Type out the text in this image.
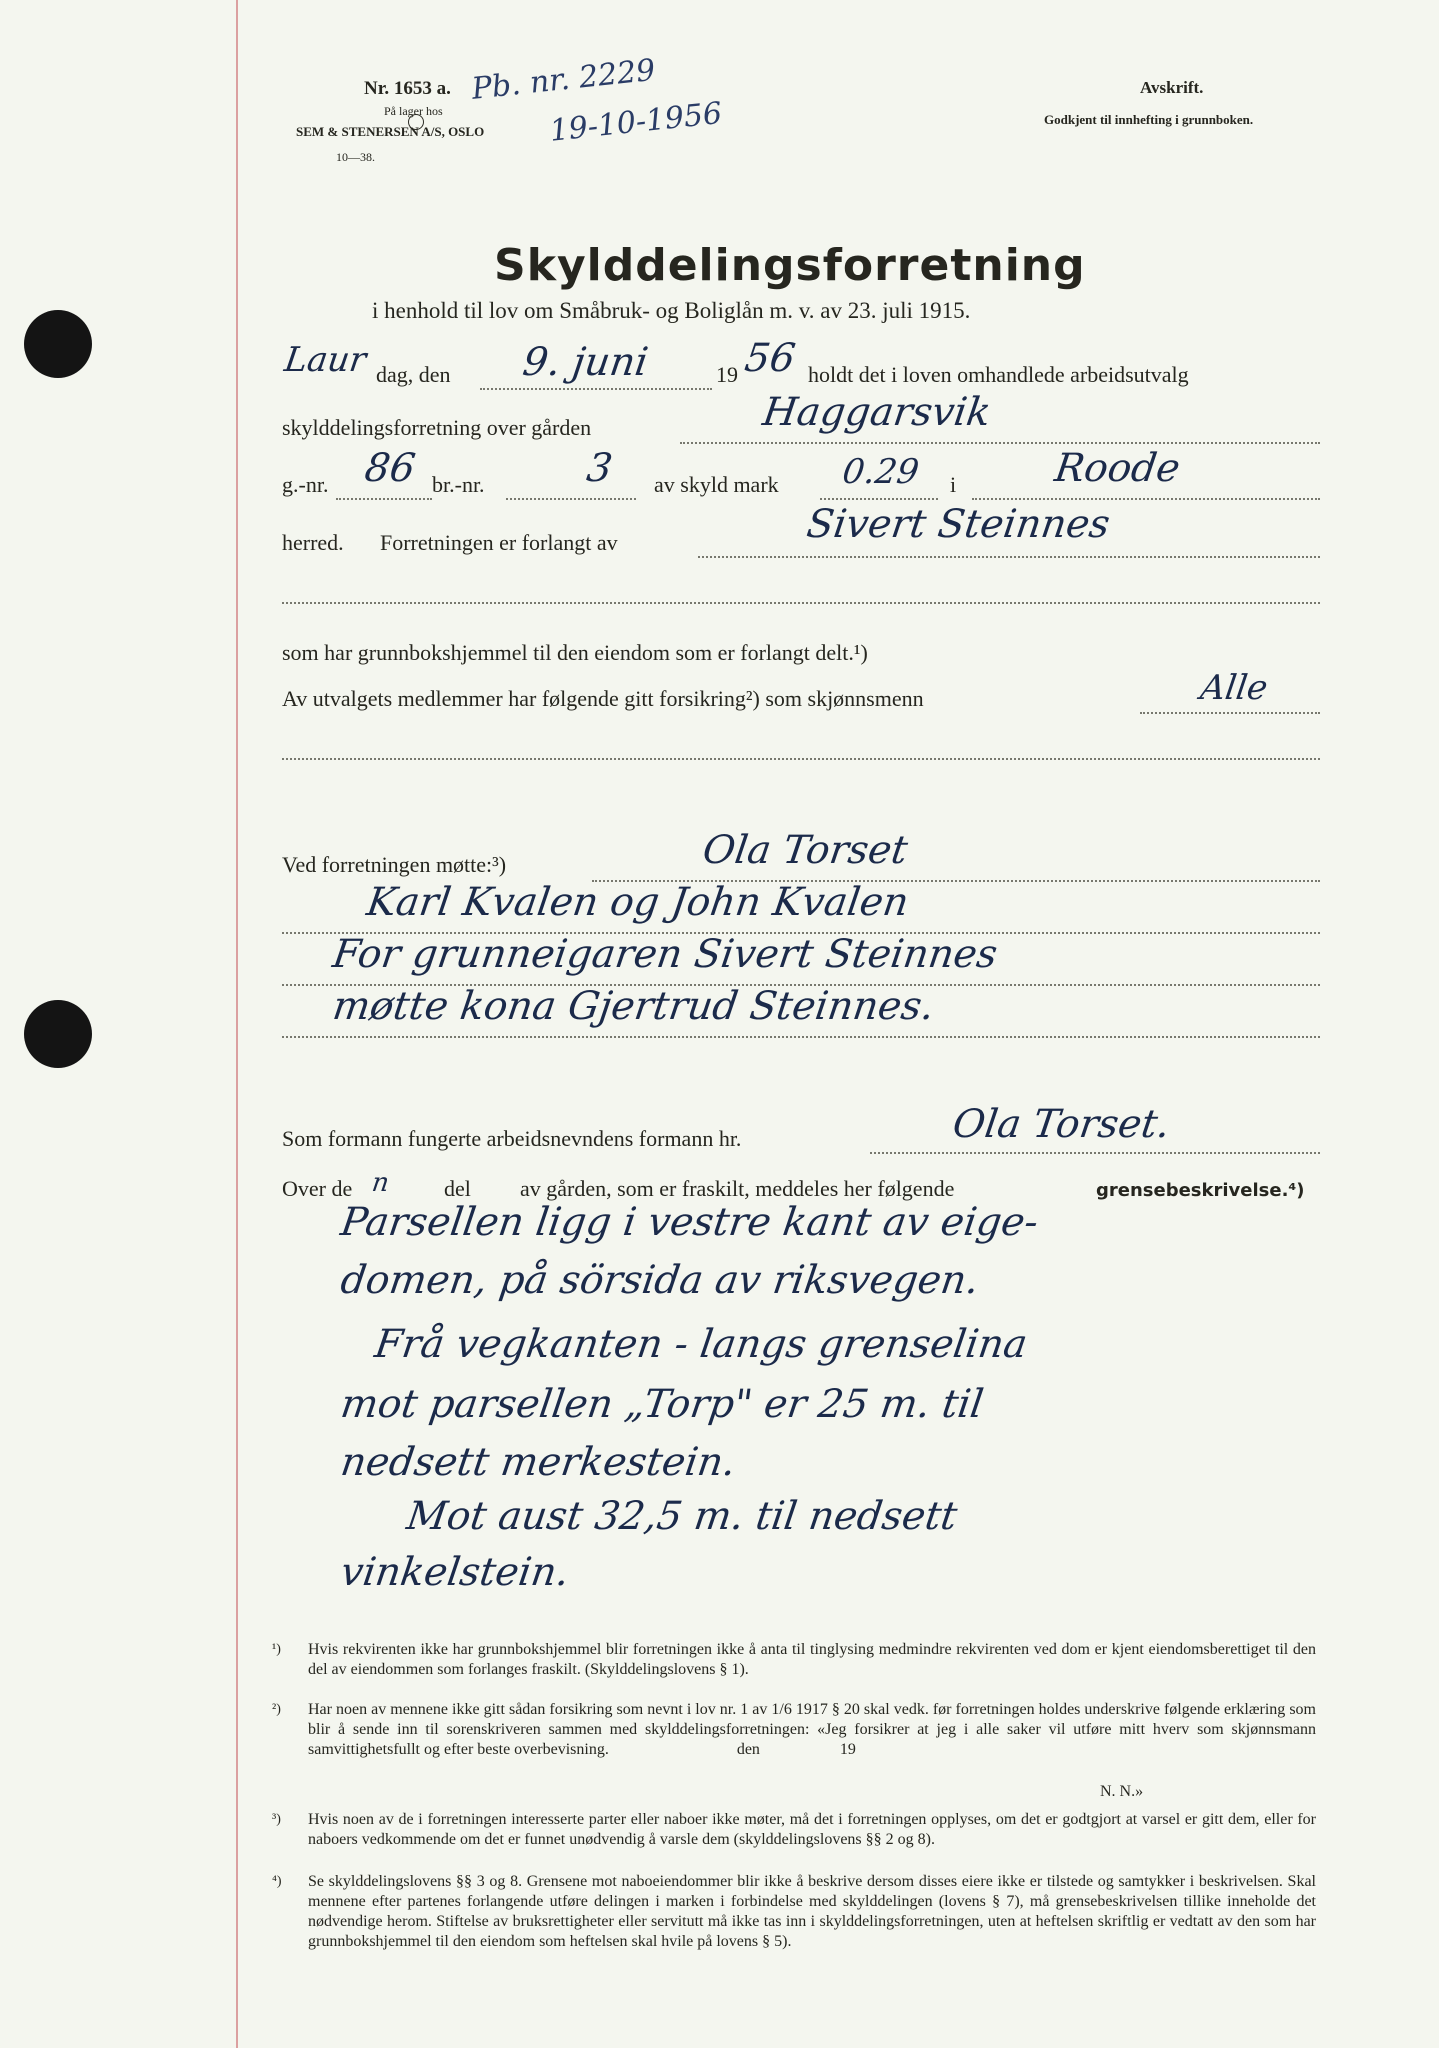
Nr. 1653 a.
På lager hos
SEM & STENERSEN A/S, OSLO
10—38.
Pb. nr. 2229
19-10-1956
Avskrift.
Godkjent til innhefting i grunnboken.
Skylddelingsforretning
i henhold til lov om Småbruk- og Boliglån m. v. av 23. juli 1915.
Laur dag, den 9. juni	19 56 holdt det i loven omhandlede arbeidsutvalg
skylddelingsforretning over gården	Haggarsvik
g.-nr. 86 br.-nr.	3 av skyld mark 0.29 i Roode
herred. Forretningen er forlangt av	Sivert Steinnes
som har grunnbokshjemmel til den eiendom som er forlangt delt.¹)
Av utvalgets medlemmer har følgende gitt forsikring²) som skjønnsmenn	Alle
Ved forretningen møtte:³)	Ola Torset
Karl Kvalen og John Kvalen
For grunneigaren Sivert Steinnes
møtte kona Gjertrud Steinnes.
Som formann fungerte arbeidsnevndens formann hr.	Ola Torset.
Over de n del av gården, som er fraskilt, meddeles her følgende	grensebeskrivelse.⁴)
Parsellen ligg i vestre kant av eige-
domen, på sörsida av riksvegen.
Frå vegkanten - langs grenselina
mot parsellen „Torp" er 25 m. til
nedsett merkestein.
Mot aust 32,5 m. til nedsett
vinkelstein.
¹) Hvis rekvirenten ikke har grunnbokshjemmel blir forretningen ikke å anta til tinglysing medmindre rekvirenten ved dom er kjent eiendomsberettiget til den del av eiendommen som forlanges fraskilt. (Skylddelingslovens § 1).
²) Har noen av mennene ikke gitt sådan forsikring som nevnt i lov nr. 1 av 1/6 1917 § 20 skal vedk. før forretningen holdes underskrive følgende erklæring som blir å sende inn til sorenskriveren sammen med skylddelingsforretningen: «Jeg forsikrer at jeg i alle saker vil utføre mitt hverv som skjønnsmann samvittighetsfullt og efter beste overbevisning.                                den                    19
N. N.»
³) Hvis noen av de i forretningen interesserte parter eller naboer ikke møter, må det i forretningen opplyses, om det er godtgjort at varsel er gitt dem, eller for naboers vedkommende om det er funnet unødvendig å varsle dem (skylddelingslovens §§ 2 og 8).
⁴) Se skylddelingslovens §§ 3 og 8. Grensene mot naboeiendommer blir ikke å beskrive dersom disses eiere ikke er tilstede og samtykker i beskrivelsen. Skal mennene efter partenes forlangende utføre delingen i marken i forbindelse med skylddelingen (lovens § 7), må grensebeskrivelsen tillike inneholde det nødvendige herom. Stiftelse av bruksrettigheter eller servitutt må ikke tas inn i skylddelingsforretningen, uten at heftelsen skriftlig er vedtatt av den som har grunnbokshjemmel til den eiendom som heftelsen skal hvile på lovens § 5).
